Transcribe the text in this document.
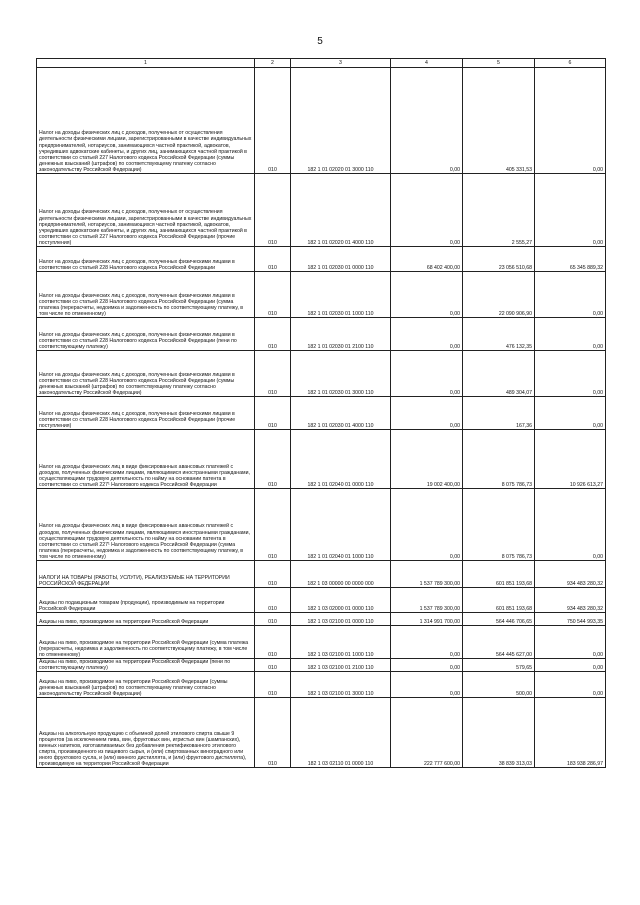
5
1	2	3	4	5	6
Налог на доходы физических лиц с доходов, полученных от осуществления деятельности физическими лицами, зарегистрированными в качестве индивидуальных предпринимателей, нотариусов, занимающихся частной практикой, адвокатов, учредивших адвокатские кабинеты, и других лиц, занимающихся частной практикой в соответствии со статьей 227 Налогового кодекса Российской Федерации (суммы денежных взысканий (штрафов) по соответствующему платежу согласно законодательству Российской Федерации)	010	182 1 01 02020 01 3000 110	0,00	405 331,53	0,00
Налог на доходы физических лиц с доходов, полученных от осуществления деятельности физическими лицами, зарегистрированными в качестве индивидуальных предпринимателей, нотариусов, занимающихся частной практикой, адвокатов, учредивших адвокатские кабинеты, и других лиц, занимающихся частной практикой в соответствии со статьей 227 Налогового кодекса Российской Федерации (прочие поступления)	010	182 1 01 02020 01 4000 110	0,00	2 555,27	0,00
Налог на доходы физических лиц с доходов, полученных физическими лицами в соответствии со статьей 228 Налогового кодекса Российской Федерации	010	182 1 01 02030 01 0000 110	68 402 400,00	23 056 510,68	65 345 889,32
Налог на доходы физических лиц с доходов, полученных физическими лицами в соответствии со статьей 228 Налогового кодекса Российской Федерации (сумма платежа (перерасчеты, недоимка и задолженность по соответствующему платежу, в том числе по отмененному)	010	182 1 01 02030 01 1000 110	0,00	22 090 906,90	0,00
Налог на доходы физических лиц с доходов, полученных физическими лицами в соответствии со статьей 228 Налогового кодекса Российской Федерации (пени по соответствующему платежу)	010	182 1 01 02030 01 2100 110	0,00	476 132,35	0,00
Налог на доходы физических лиц с доходов, полученных физическими лицами в соответствии со статьей 228 Налогового кодекса Российской Федерации (суммы денежных взысканий (штрафов) по соответствующему платежу согласно законодательству Российской Федерации)	010	182 1 01 02030 01 3000 110	0,00	489 304,07	0,00
Налог на доходы физических лиц с доходов, полученных физическими лицами в соответствии со статьей 228 Налогового кодекса Российской Федерации (прочие поступления)	010	182 1 01 02030 01 4000 110	0,00	167,36	0,00
Налог на доходы физических лиц в виде фиксированных авансовых платежей с доходов, полученных физическими лицами, являющимися иностранными гражданами, осуществляющими трудовую деятельность по найму на основании патента в соответствии со статьей 227¹ Налогового кодекса Российской Федерации	010	182 1 01 02040 01 0000 110	19 002 400,00	8 075 786,73	10 926 613,27
Налог на доходы физических лиц в виде фиксированных авансовых платежей с доходов, полученных физическими лицами, являющимися иностранными гражданами, осуществляющими трудовую деятельность по найму на основании патента в соответствии со статьей 227¹ Налогового кодекса Российской Федерации (сумма платежа (перерасчеты, недоимка и задолженность по соответствующему платежу, в том числе по отмененному)	010	182 1 01 02040 01 1000 110	0,00	8 075 786,73	0,00
НАЛОГИ НА ТОВАРЫ (РАБОТЫ, УСЛУГИ), РЕАЛИЗУЕМЫЕ НА ТЕРРИТОРИИ РОССИЙСКОЙ ФЕДЕРАЦИИ	010	182 1 03 00000 00 0000 000	1 537 789 300,00	601 851 193,68	934 483 280,32
Акцизы по подакцизным товарам (продукции), производимым на территории Российской Федерации	010	182 1 03 02000 01 0000 110	1 537 789 300,00	601 851 193,68	934 483 280,32
Акцизы на пиво, производимое на территории Российской Федерации	010	182 1 03 02100 01 0000 110	1 314 991 700,00	564 446 706,65	750 544 993,35
Акцизы на пиво, производимое на территории Российской Федерации (сумма платежа (перерасчеты, недоимка и задолженность по соответствующему платежу, в том числе по отмененному)	010	182 1 03 02100 01 1000 110	0,00	564 445 627,00	0,00
Акцизы на пиво, производимое на территории Российской Федерации (пени по соответствующему платежу)	010	182 1 03 02100 01 2100 110	0,00	579,65	0,00
Акцизы на пиво, производимое на территории Российской Федерации (суммы денежных взысканий (штрафов) по соответствующему платежу согласно законодательству Российской Федерации)	010	182 1 03 02100 01 3000 110	0,00	500,00	0,00
Акцизы на алкогольную продукцию с объемной долей этилового спирта свыше 9 процентов (за исключением пива, вин, фруктовых вин, игристых вин (шампанских), винных напитков, изготавливаемых без добавления ректификованного этилового спирта, произведенного из пищевого сырья, и (или) спиртованных виноградного или иного фруктового сусла, и (или) винного дистиллята, и (или) фруктового дистиллята), производимую на территории Российской Федерации	010	182 1 03 02110 01 0000 110	222 777 600,00	38 839 313,03	183 938 286,97
